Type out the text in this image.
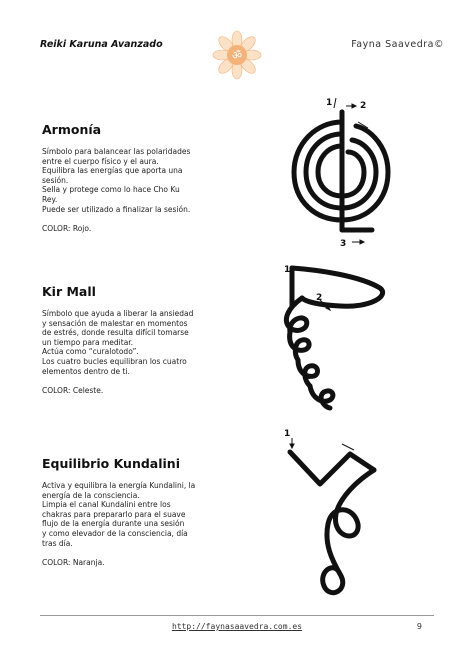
Reiki Karuna Avanzado
ॐ
Fayna Saavedra©
Armonía

Símbolo para balancear las polaridades

entre el cuerpo físico y el aura.

Equilibra las energías que aporta una

sesión.

Sella y protege como lo hace Cho Ku

Rey.

Puede ser utilizado a finalizar la sesión.

COLOR: Rojo.
1	2
3
Kir Mall

Símbolo que ayuda a liberar la ansiedad

y sensación de malestar en momentos

de estrés, donde resulta difícil tomarse

un tiempo para meditar.

Actúa como “curalotodo”.

Los cuatro bucles equilibran los cuatro

elementos dentro de ti.

COLOR: Celeste.
1
2
Equilibrio Kundalini

Activa y equilibra la energía Kundalini, la

energía de la consciencia.

Limpia el canal Kundalini entre los

chakras para prepararlo para el suave

flujo de la energía durante una sesión

y como elevador de la consciencia, día

tras día.

COLOR: Naranja.
1
http://faynasaavedra.com.es	9
